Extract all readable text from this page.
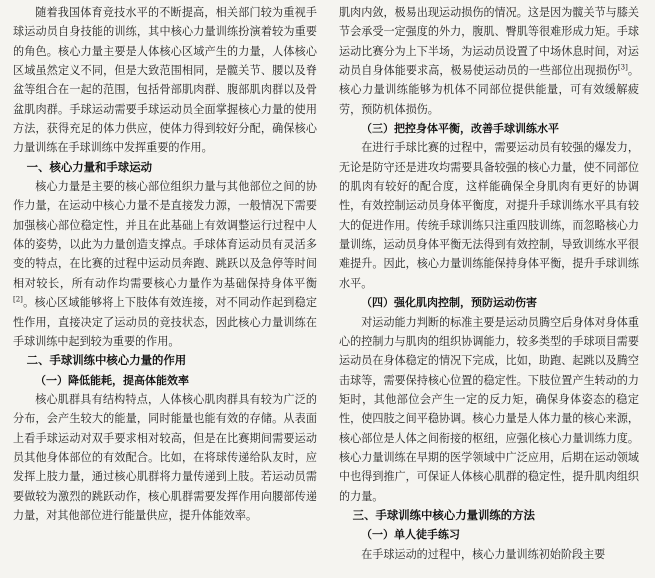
随着我国体育竞技水平的不断提高，相关部门较为重视手球运动员自身技能的训练，其中核心力量训练扮演着较为重要的角色。核心力量主要是人体核心区域产生的力量，人体核心区域虽然定义不同，但是大致范围相同，是髋关节、腰以及脊盆等组合在一起的范围，包括骨部肌肉群、腹部肌肉群以及骨盆肌肉群。手球运动需要手球运动员全面掌握核心力量的使用方法，获得充足的体力供应，使体力得到较好分配，确保核心力量训练在手球训练中发挥重要的作用。

一、核心力量和手球运动

核心力量是主要的核心部位组织力量与其他部位之间的协作力量，在运动中核心力量不是直接发力源，一般情况下需要加强核心部位稳定性，并且在此基础上有效调整运行过程中人体的姿势，以此为力量创造支撑点。手球体育运动员有灵活多变的特点，在比赛的过程中运动员奔跑、跳跃以及急停等时间相对较长，所有动作均需要核心力量作为基础保持身体平衡[2]。核心区域能够将上下肢体有效连接，对不同动作起到稳定性作用，直接决定了运动员的竞技状态，因此核心力量训练在手球训练中起到较为重要的作用。

二、手球训练中核心力量的作用
（一）降低能耗，提高体能效率

核心肌群具有结构特点，人体核心肌肉群具有较为广泛的分布，会产生较大的能量，同时能量也能有效的存储。从表面上看手球运动对双手要求相对较高，但是在比赛期间需要运动员其他身体部位的有效配合。比如，在将球传递给队友时，应发挥上肢力量，通过核心肌群将力量传递到上肢。若运动员需要做较为激烈的跳跃动作，核心肌群需要发挥作用向腰部传递力量，对其他部位进行能量供应，提升体能效率。

肌肉内敛，极易出现运动损伤的情况。这是因为髋关节与膝关节会承受一定强度的外力，腹肌、臀肌等很难形成力矩。手球运动比赛分为上下半场，为运动员设置了中场休息时间，对运动员自身体能要求高，极易使运动员的一些部位出现损伤[3]。核心力量训练能够为机体不同部位提供能量，可有效缓解疲劳，预防机体损伤。

（三）把控身体平衡，改善手球训练水平

在进行手球比赛的过程中，需要运动员有较强的爆发力，无论是防守还是进攻均需要具备较强的核心力量，使不同部位的肌肉有较好的配合度，这样能确保全身肌肉有更好的协调性，有效控制运动员身体平衡度，对提升手球训练水平具有较大的促进作用。传统手球训练只注重四肢训练，而忽略核心力量训练，运动员身体平衡无法得到有效控制，导致训练水平很难提升。因此，核心力量训练能保持身体平衡，提升手球训练水平。

（四）强化肌肉控制，预防运动伤害

对运动能力判断的标准主要是运动员腾空后身体对身体重心的控制力与肌肉的组织协调能力，较多类型的手球项目需要运动员在身体稳定的情况下完成，比如，助跑、起跳以及腾空击球等，需要保持核心位置的稳定性。下肢位置产生转动的力矩时，其他部位会产生一定的反力矩，确保身体姿态的稳定性，使四肢之间平稳协调。核心力量是人体力量的核心来源，核心部位是人体之间衔接的枢纽，应强化核心力量训练力度。核心力量训练在早期的医学领域中广泛应用，后期在运动领域中也得到推广，可保证人体核心肌群的稳定性，提升肌肉组织的力量。

三、手球训练中核心力量训练的方法
（一）单人徒手练习

在手球运动的过程中，核心力量训练初始阶段主要
